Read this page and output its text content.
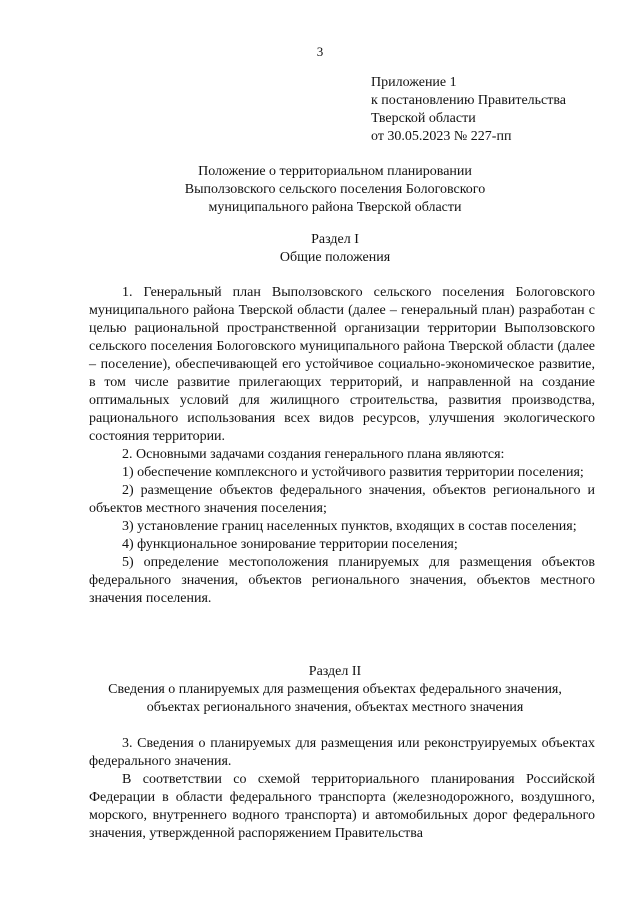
3
Приложение 1
к постановлению Правительства
Тверской области
от 30.05.2023 № 227-пп
Положение о территориальном планировании
Выползовского сельского поселения Бологовского
муниципального района Тверской области
Раздел I
Общие положения

1. Генеральный план Выползовского сельского поселения Бологовского муниципального района Тверской области (далее – генеральный план) разработан с целью рациональной пространственной организации территории Выползовского сельского поселения Бологовского муниципального района Тверской области (далее – поселение), обеспечивающей его устойчивое социально-экономическое развитие, в том числе развитие прилегающих территорий, и направленной на создание оптимальных условий для жилищного строительства, развития производства, рационального использования всех видов ресурсов, улучшения экологического состояния территории.

2. Основными задачами создания генерального плана являются:

1) обеспечение комплексного и устойчивого развития территории поселения;

2) размещение объектов федерального значения, объектов регионального и объектов местного значения поселения;

3) установление границ населенных пунктов, входящих в состав поселения;

4) функциональное зонирование территории поселения;

5) определение местоположения планируемых для размещения объектов федерального значения, объектов регионального значения, объектов местного значения поселения.

Раздел II
Сведения о планируемых для размещения объектах федерального значения,
объектах регионального значения, объектах местного значения

3. Сведения о планируемых для размещения или реконструируемых объектах федерального значения.

В соответствии со схемой территориального планирования Российской Федерации в области федерального транспорта (железнодорожного, воздушного, морского, внутреннего водного транспорта) и автомобильных дорог федерального значения, утвержденной распоряжением Правительства
